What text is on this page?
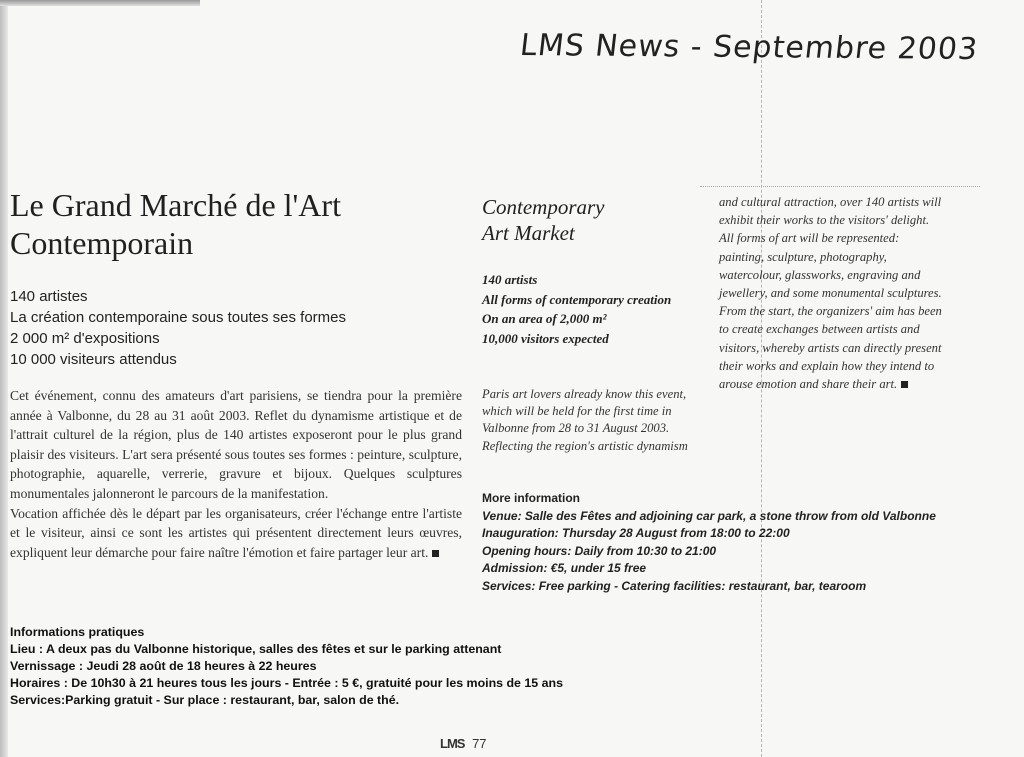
LMS News - Septembre 2003
Le Grand Marché de l'Art
Contemporain
140 artistes
La création contemporaine sous toutes ses formes
2 000 m² d'expositions
10 000 visiteurs attendus

Cet événement, connu des amateurs d'art parisiens, se tiendra pour la première année à Valbonne, du 28 au 31 août 2003. Reflet du dynamisme artistique et de l'attrait culturel de la région, plus de 140 artistes exposeront pour le plus grand plaisir des visiteurs. L'art sera présenté sous toutes ses formes : peinture, sculpture, photographie, aquarelle, verrerie, gravure et bijoux. Quelques sculptures monumentales jalonneront le parcours de la manifestation.

Vocation affichée dès le départ par les organisateurs, créer l'échange entre l'artiste et le visiteur, ainsi ce sont les artistes qui présentent directement leurs œuvres, expliquent leur démarche pour faire naître l'émotion et faire partager leur art.

Contemporary
Art Market
140 artists
All forms of contemporary creation
On an area of 2,000 m²
10,000 visitors expected

Paris art lovers already know this event, which will be held for the first time in Valbonne from 28 to 31 August 2003. Reflecting the region's artistic dynamism

and cultural attraction, over 140 artists will exhibit their works to the visitors' delight. All forms of art will be represented: painting, sculpture, photography, watercolour, glassworks, engraving and jewellery, and some monumental sculptures. From the start, the organizers' aim has been to create exchanges between artists and visitors, whereby artists can directly present their works and explain how they intend to arouse emotion and share their art.

More information
Venue: Salle des Fêtes and adjoining car park, a stone throw from old Valbonne
Inauguration: Thursday 28 August from 18:00 to 22:00
Opening hours: Daily from 10:30 to 21:00
Admission: €5, under 15 free
Services: Free parking - Catering facilities: restaurant, bar, tearoom
Informations pratiques
Lieu : A deux pas du Valbonne historique, salles des fêtes et sur le parking attenant
Vernissage : Jeudi 28 août de 18 heures à 22 heures
Horaires : De 10h30 à 21 heures tous les jours - Entrée : 5 €, gratuité pour les moins de 15 ans
Services:Parking gratuit - Sur place : restaurant, bar, salon de thé.
LMS 77
